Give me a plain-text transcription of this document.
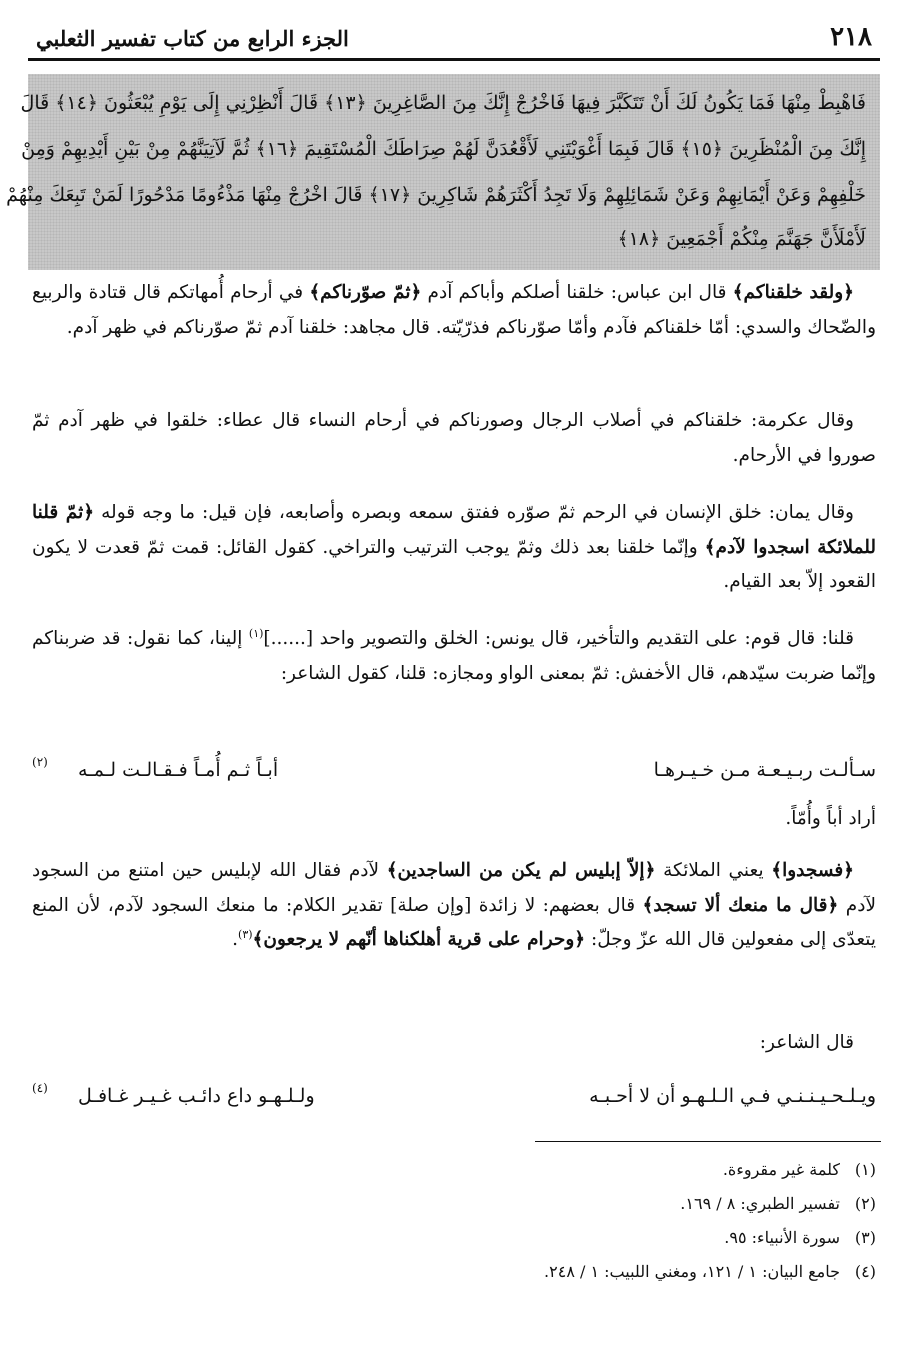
٢١٨
الجزء الرابع من كتاب تفسير الثعلبي
فَاهْبِطْ مِنْهَا فَمَا يَكُونُ لَكَ أَنْ تَتَكَبَّرَ فِيهَا فَاخْرُجْ إِنَّكَ مِنَ الصَّاغِرِينَ ﴿١٣﴾ قَالَ أَنْظِرْنِي إِلَى يَوْمِ يُبْعَثُونَ ﴿١٤﴾ قَالَ
إِنَّكَ مِنَ الْمُنْظَرِينَ ﴿١٥﴾ قَالَ فَبِمَا أَغْوَيْتَنِي لَأَقْعُدَنَّ لَهُمْ صِرَاطَكَ الْمُسْتَقِيمَ ﴿١٦﴾ ثُمَّ لَآتِيَنَّهُمْ مِنْ بَيْنِ أَيْدِيهِمْ وَمِنْ
خَلْفِهِمْ وَعَنْ أَيْمَانِهِمْ وَعَنْ شَمَائِلِهِمْ وَلَا تَجِدُ أَكْثَرَهُمْ شَاكِرِينَ ﴿١٧﴾ قَالَ اخْرُجْ مِنْهَا مَذْءُومًا مَدْحُورًا لَمَنْ تَبِعَكَ مِنْهُمْ
لَأَمْلَأَنَّ جَهَنَّمَ مِنْكُمْ أَجْمَعِينَ ﴿١٨﴾
﴿ولقد خلقناكم﴾ قال ابن عباس: خلقنا أصلكم وأباكم آدم ﴿ثمّ صوّرناكم﴾ في أرحام أُمهاتكم قال قتادة والربيع والضّحاك والسدي: أمّا خلقناكم فآدم وأمّا صوّرناكم فذرّيّته. قال مجاهد: خلقنا آدم ثمّ صوّرناكم في ظهر آدم.
وقال عكرمة: خلقناكم في أصلاب الرجال وصورناكم في أرحام النساء قال عطاء: خلقوا في ظهر آدم ثمّ صوروا في الأرحام.
وقال يمان: خلق الإنسان في الرحم ثمّ صوّره ففتق سمعه وبصره وأصابعه، فإن قيل: ما وجه قوله ﴿ثمّ قلنا للملائكة اسجدوا لآدم﴾ وإنّما خلقنا بعد ذلك وثمّ يوجب الترتيب والتراخي. كقول القائل: قمت ثمّ قعدت لا يكون القعود إلاّ بعد القيام.
قلنا: قال قوم: على التقديم والتأخير، قال يونس: الخلق والتصوير واحد [......]$^{(١)}$ إلينا، كما نقول: قد ضربناكم وإنّما ضربت سيّدهم، قال الأخفش: ثمّ بمعنى الواو ومجازه: قلنا، كقول الشاعر:
سـألـت ربـيـعـة مـن خـيـرهـا
أبـاً ثـم أُمـاً فـقـالـت لـمـه
(٢)
أراد أباً وأُمّاً.
﴿فسجدوا﴾ يعني الملائكة ﴿إلاّ إبليس لم يكن من الساجدين﴾ لآدم فقال الله لإبليس حين امتنع من السجود لآدم ﴿قال ما منعك ألا تسجد﴾ قال بعضهم: لا زائدة [وإن صلة] تقدير الكلام: ما منعك السجود لآدم، لأن المنع يتعدّى إلى مفعولين قال الله عزّ وجلّ: ﴿وحرام على قرية أهلكناها أنّهم لا يرجعون﴾$^{(٣)}$.
قال الشاعر:
ويـلـحـيـنـنـي فـي الـلـهـو أن لا أحـبـه
ولـلـهـو داع دائـب غـيـر غـافـل
(٤)
(١)كلمة غير مقروءة.
(٢)تفسير الطبري: ٨ / ١٦٩.
(٣)سورة الأنبياء: ٩٥.
(٤)جامع البيان: ١ / ١٢١، ومغني اللبيب: ١ / ٢٤٨.
